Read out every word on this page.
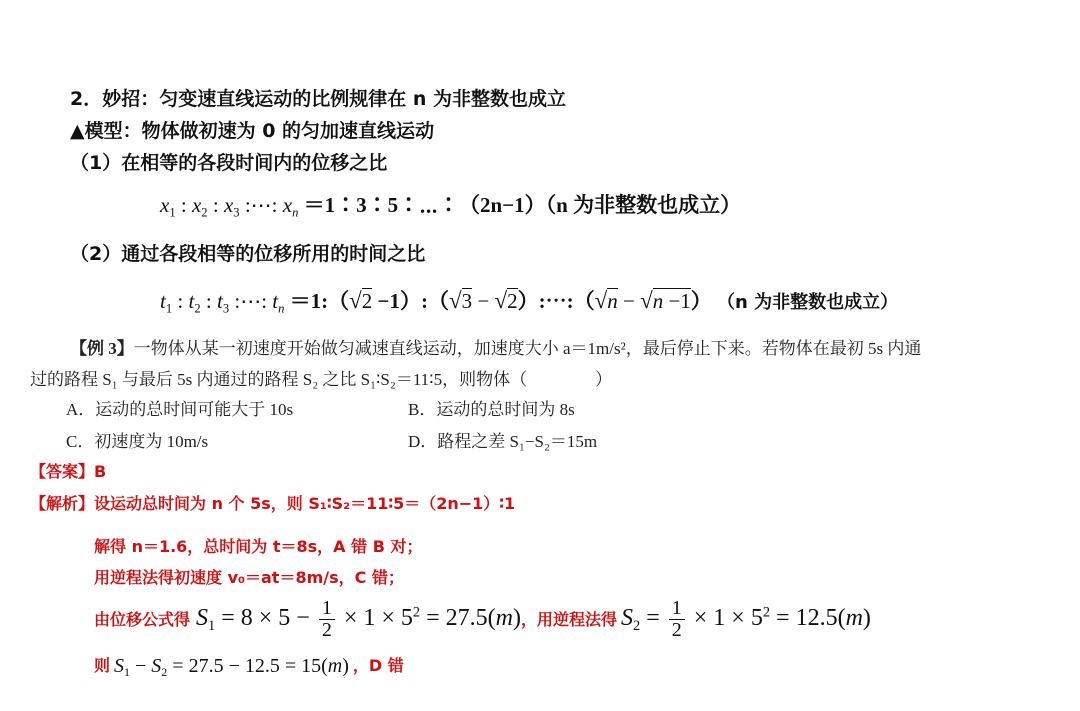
2．妙招：匀变速直线运动的比例规律在 n 为非整数也成立
▲模型：物体做初速为 0 的匀加速直线运动
（1）在相等的各段时间内的位移之比
$x_1$ : $x_2$ : $x_3$ :⋯: $x_n$ ＝1∶3∶5∶⋯∶（2n−1）（n 为非整数也成立）
（2）通过各段相等的位移所用的时间之比
$t_1$ : $t_2$ : $t_3$ :⋯: $t_n$ ＝1:（√2 −1）:（√3 − √2）:⋯:（√n − √n −1） （n 为非整数也成立）
【例 3】一物体从某一初速度开始做匀减速直线运动，加速度大小 a＝1m/s²，最后停止下来。若物体在最初 5s 内通
过的路程 S₁ 与最后 5s 内通过的路程 S₂ 之比 S₁∶S₂＝11∶5，则物体（　　　　）
A．运动的总时间可能大于 10s	B．运动的总时间为 8s
C．初速度为 10m/s	D．路程之差 S₁−S₂＝15m
【答案】B
【解析】设运动总时间为 n 个 5s，则 S₁∶S₂＝11∶5＝（2n−1）∶1
解得 n＝1.6，总时间为 t＝8s，A 错 B 对；
用逆程法得初速度 v₀＝at＝8m/s，C 错；
由位移公式得 $S_1 = 8 \times 5 - \frac{1}{2} \times 1 \times 5^2 = 27.5(m)$ ，用逆程法得 $S_2 = \frac{1}{2} \times 1 \times 5^2 = 12.5(m)$
则 $S_1 - S_2 = 27.5 - 12.5 = 15(m)$ ，D 错
